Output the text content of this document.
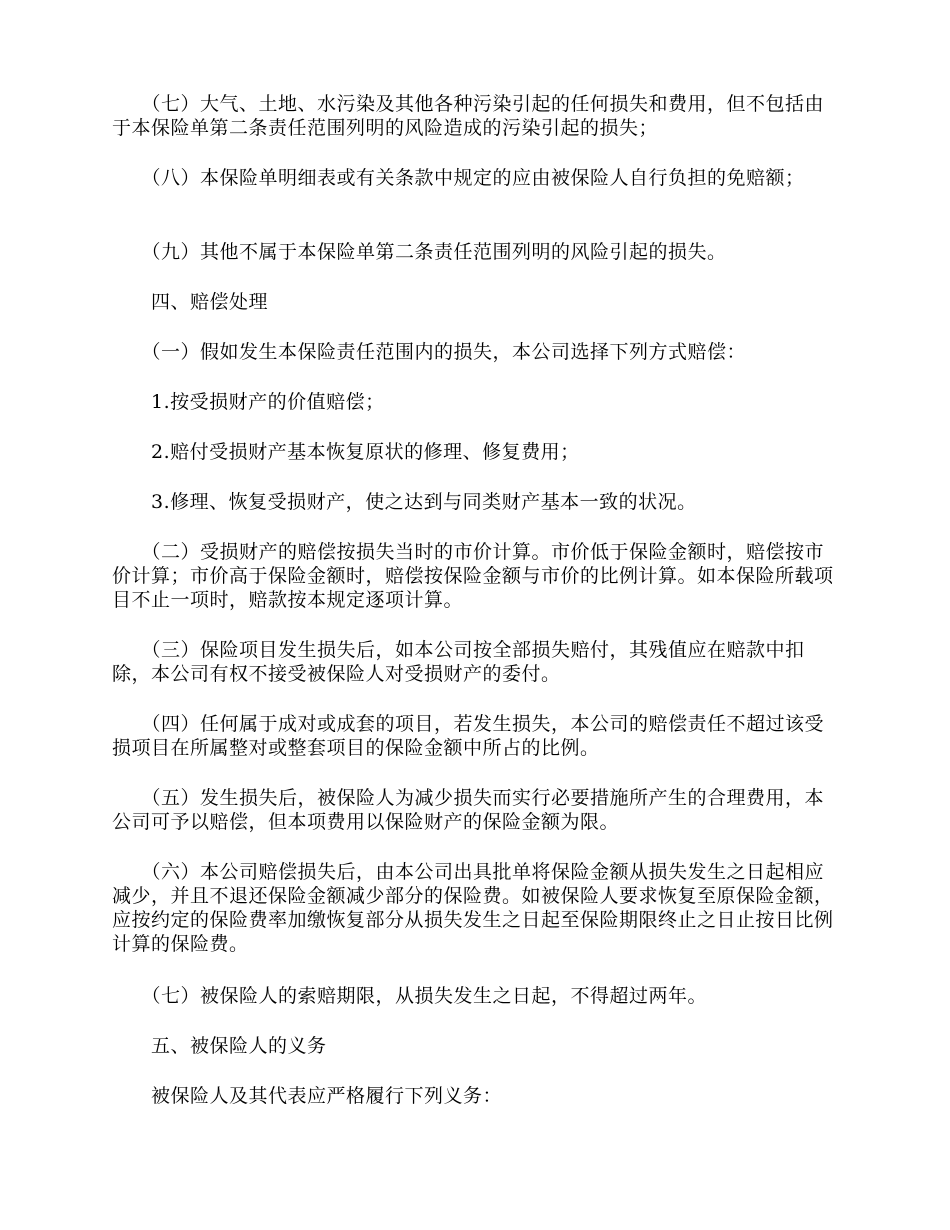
　　（七）大气、土地、水污染及其他各种污染引起的任何损失和费用，但不包括由于本保险单第二条责任范围列明的风险造成的污染引起的损失；
　　（八）本保险单明细表或有关条款中规定的应由被保险人自行负担的免赔额；
　　（九）其他不属于本保险单第二条责任范围列明的风险引起的损失。
　　四、赔偿处理
　　（一）假如发生本保险责任范围内的损失，本公司选择下列方式赔偿：
　　1.按受损财产的价值赔偿；
　　2.赔付受损财产基本恢复原状的修理、修复费用；
　　3.修理、恢复受损财产，使之达到与同类财产基本一致的状况。
　　（二）受损财产的赔偿按损失当时的市价计算。市价低于保险金额时，赔偿按市价计算；市价高于保险金额时，赔偿按保险金额与市价的比例计算。如本保险所载项目不止一项时，赔款按本规定逐项计算。
　　（三）保险项目发生损失后，如本公司按全部损失赔付，其残值应在赔款中扣除，本公司有权不接受被保险人对受损财产的委付。
　　（四）任何属于成对或成套的项目，若发生损失，本公司的赔偿责任不超过该受损项目在所属整对或整套项目的保险金额中所占的比例。
　　（五）发生损失后，被保险人为减少损失而实行必要措施所产生的合理费用，本公司可予以赔偿，但本项费用以保险财产的保险金额为限。
　　（六）本公司赔偿损失后，由本公司出具批单将保险金额从损失发生之日起相应减少，并且不退还保险金额减少部分的保险费。如被保险人要求恢复至原保险金额，应按约定的保险费率加缴恢复部分从损失发生之日起至保险期限终止之日止按日比例计算的保险费。
　　（七）被保险人的索赔期限，从损失发生之日起，不得超过两年。
　　五、被保险人的义务
　　被保险人及其代表应严格履行下列义务：
